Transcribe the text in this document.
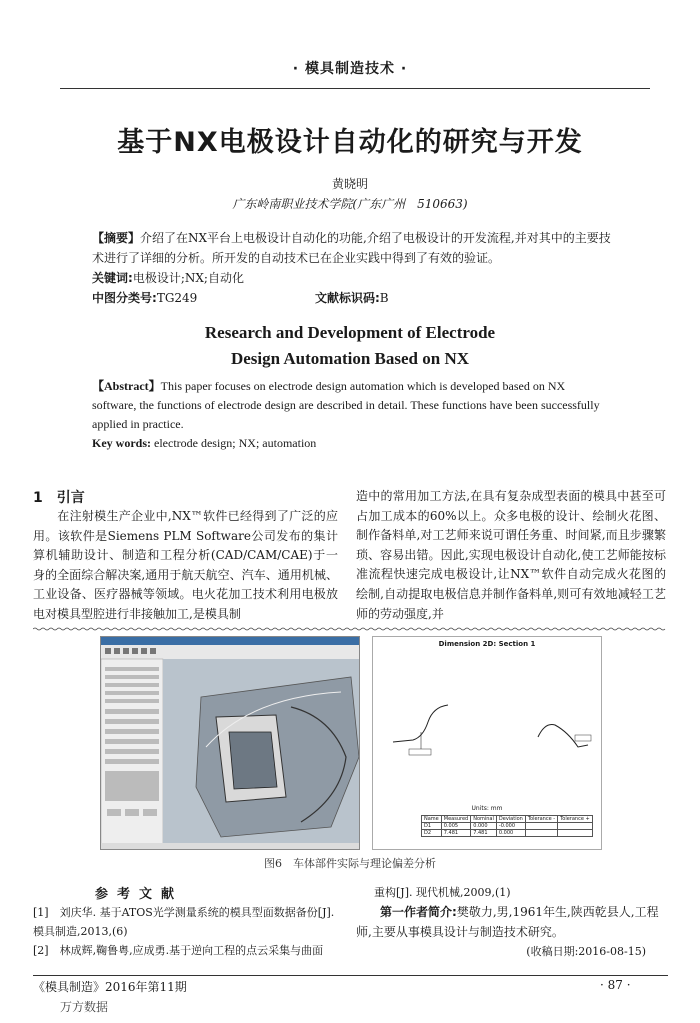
· 模具制造技术 ·
基于NX电极设计自动化的研究与开发
黄晓明
广东岭南职业技术学院(广东广州　510663)
【摘要】介绍了在NX平台上电极设计自动化的功能,介绍了电极设计的开发流程,并对其中的主要技术进行了详细的分析。所开发的自动技术已在企业实践中得到了有效的验证。
关键词:电极设计;NX;自动化
中图分类号:TG249	文献标识码:B
Research and Development of Electrode
Design Automation Based on NX
【Abstract】This paper focuses on electrode design automation which is developed based on NX software, the functions of electrode design are described in detail. These functions have been successfully applied in practice.
Key words: electrode design; NX; automation
1　引言
在注射模生产企业中,NX™软件已经得到了广泛的应用。该软件是Siemens PLM Software公司发布的集计算机辅助设计、制造和工程分析(CAD/CAM/CAE)于一身的全面综合解决案,通用于航天航空、汽车、通用机械、工业设备、医疗器械等领域。电火花加工技术利用电极放电对模具型腔进行非接触加工,是模具制
造中的常用加工方法,在具有复杂成型表面的模具中甚至可占加工成本的60%以上。众多电极的设计、绘制火花图、制作备料单,对工艺师来说可谓任务重、时间紧,而且步骤繁琐、容易出错。因此,实现电极设计自动化,使工艺师能按标准流程快速完成电极设计,让NX™软件自动完成火花图的绘制,自动提取电极信息并制作备料单,则可有效地减轻工艺师的劳动强度,并
Dimension 2D: Section 1
Units: mm
Name	Measured	Nominal	Deviation	Tolerance -	Tolerance +
D1	0.005	0.000	-0.000		
D2	7.481	7.481	0.000		
图6　车体部件实际与理论偏差分析
参考文献
[1]　刘庆华. 基于ATOS光学测量系统的模具型面数据备份[J]. 模具制造,2013,(6)
[2]　林成辉,鞠鲁粤,应成勇.基于逆向工程的点云采集与曲面
重构[J]. 现代机械,2009,(1)
第一作者简介:樊敬力,男,1961年生,陕西乾县人,工程师,主要从事模具设计与制造技术研究。
(收稿日期:2016-08-15)
《模具制造》2016年第11期	· 87 ·
万方数据
